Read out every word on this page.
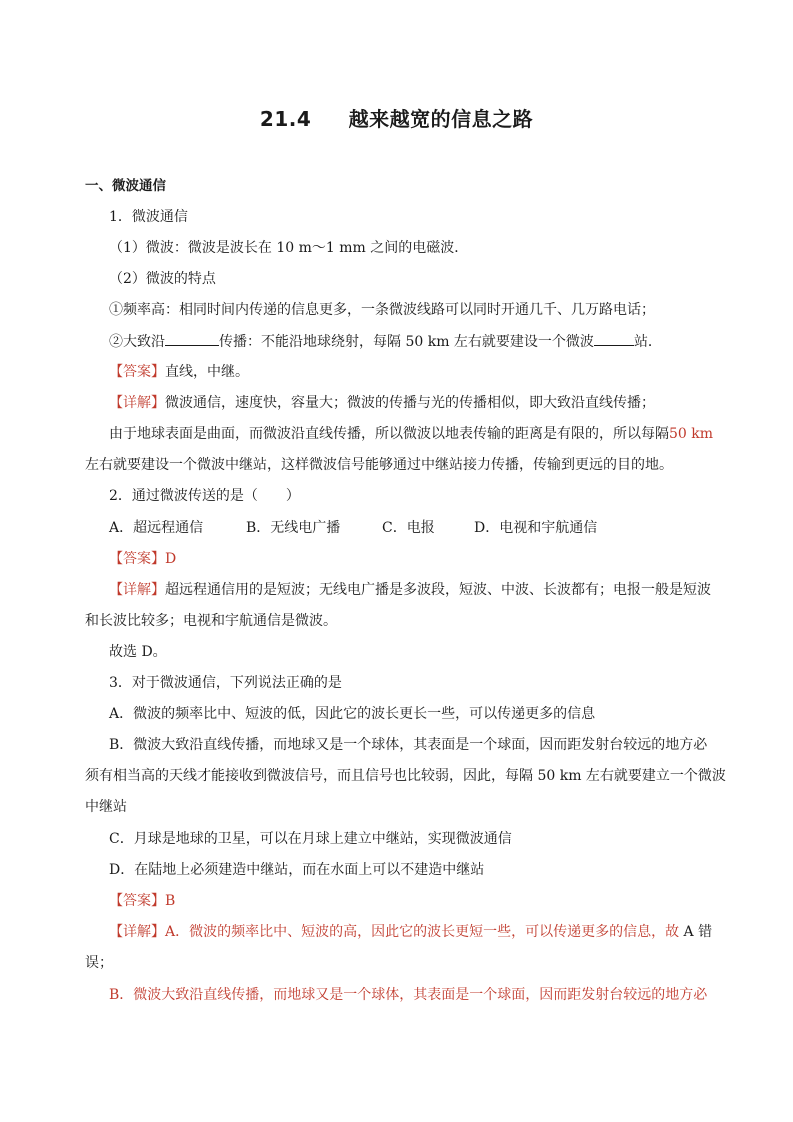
21.4     越来越宽的信息之路
一、微波通信
1．微波通信
（1）微波：微波是波长在 10 m～1 mm 之间的电磁波．
（2）微波的特点
①频率高：相同时间内传递的信息更多，一条微波线路可以同时开通几千、几万路电话；
②大致沿	传播：不能沿地球绕射，每隔 50 km 左右就要建设一个微波	站．
【答案】直线，中继。
【详解】微波通信，速度快，容量大；微波的传播与光的传播相似，即大致沿直线传播；
由于地球表面是曲面，而微波沿直线传播，所以微波以地表传输的距离是有限的，所以每隔50 km
左右就要建设一个微波中继站，这样微波信号能够通过中继站接力传播，传输到更远的目的地。
2．通过微波传送的是（　　）
A．超远程通信	B．无线电广播	C．电报	D．电视和宇航通信
【答案】D
【详解】超远程通信用的是短波；无线电广播是多波段，短波、中波、长波都有；电报一般是短波
和长波比较多；电视和宇航通信是微波。
故选 D。
3．对于微波通信，下列说法正确的是
A．微波的频率比中、短波的低，因此它的波长更长一些，可以传递更多的信息
B．微波大致沿直线传播，而地球又是一个球体，其表面是一个球面，因而距发射台较远的地方必
须有相当高的天线才能接收到微波信号，而且信号也比较弱，因此，每隔 50 km 左右就要建立一个微波
中继站
C．月球是地球的卫星，可以在月球上建立中继站，实现微波通信
D．在陆地上必须建造中继站，而在水面上可以不建造中继站
【答案】B
【详解】A．微波的频率比中、短波的高，因此它的波长更短一些，可以传递更多的信息，故 A 错
误；
B．微波大致沿直线传播，而地球又是一个球体，其表面是一个球面，因而距发射台较远的地方必
